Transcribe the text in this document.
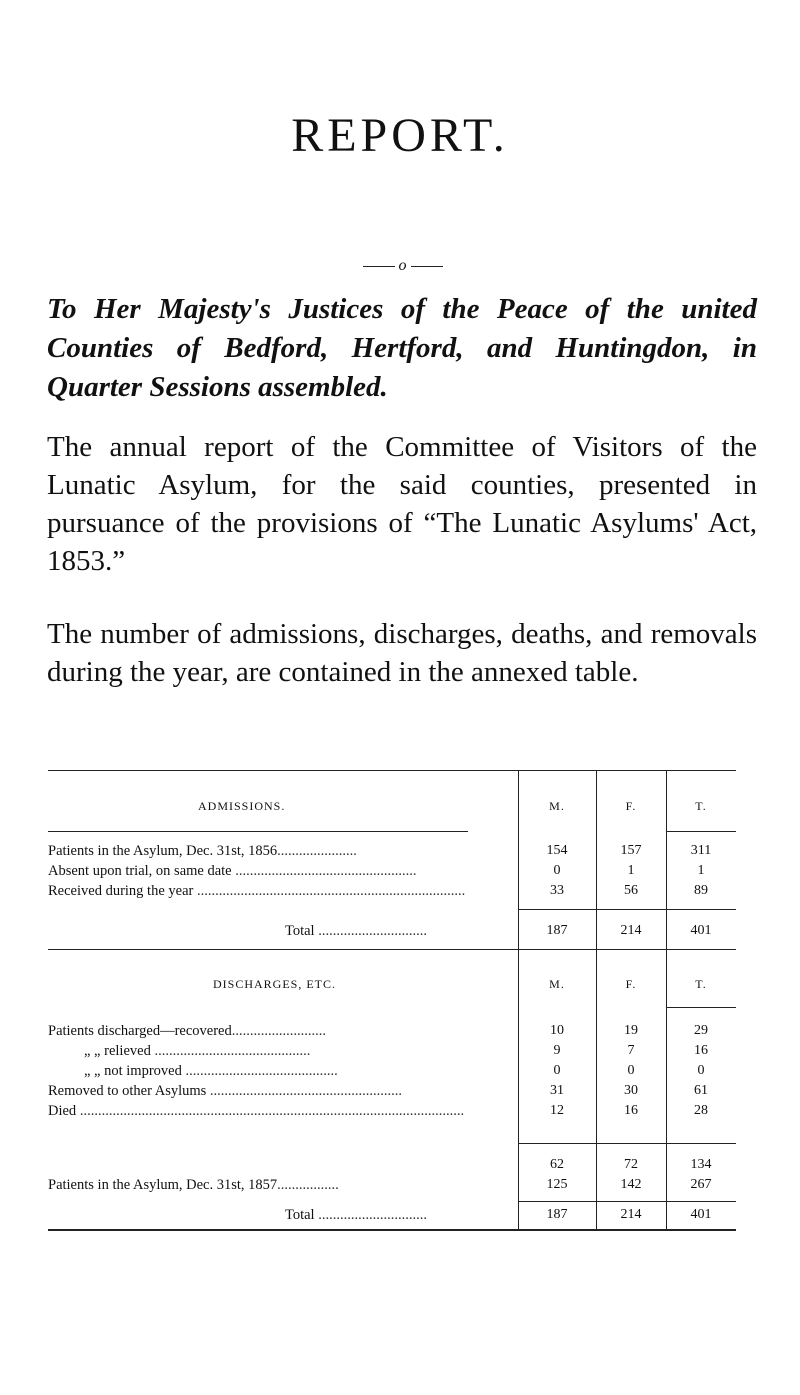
REPORT.
o
To Her Majesty's Justices of the Peace of the united Counties of Bedford, Hertford, and Huntingdon, in Quarter Sessions assembled.
The annual report of the Committee of Visitors of the Lunatic Asylum, for the said counties, presented in pursuance of the provisions of “The Lunatic Asylums' Act, 1853.”
The number of admissions, discharges, deaths, and removals during the year, are contained in the annexed table.
ADMISSIONS.	M.	F.	T.
Patients in the Asylum, Dec. 31st, 1856......................	154	157	311
Absent upon trial, on same date ..................................................	0	1	1
Received during the year ..........................................................................	33	56	89
Total ..............................	187	214	401
DISCHARGES, ETC.	M.	F.	T.
Patients discharged—recovered..........................	10	19	29
„ „ relieved ...........................................	9	7	16
„ „ not improved ..........................................	0	0	0
Removed to other Asylums .....................................................	31	30	61
Died ..........................................................................................................	12	16	28
62	72	134
Patients in the Asylum, Dec. 31st, 1857.................	125	142	267
Total ..............................	187	214	401
